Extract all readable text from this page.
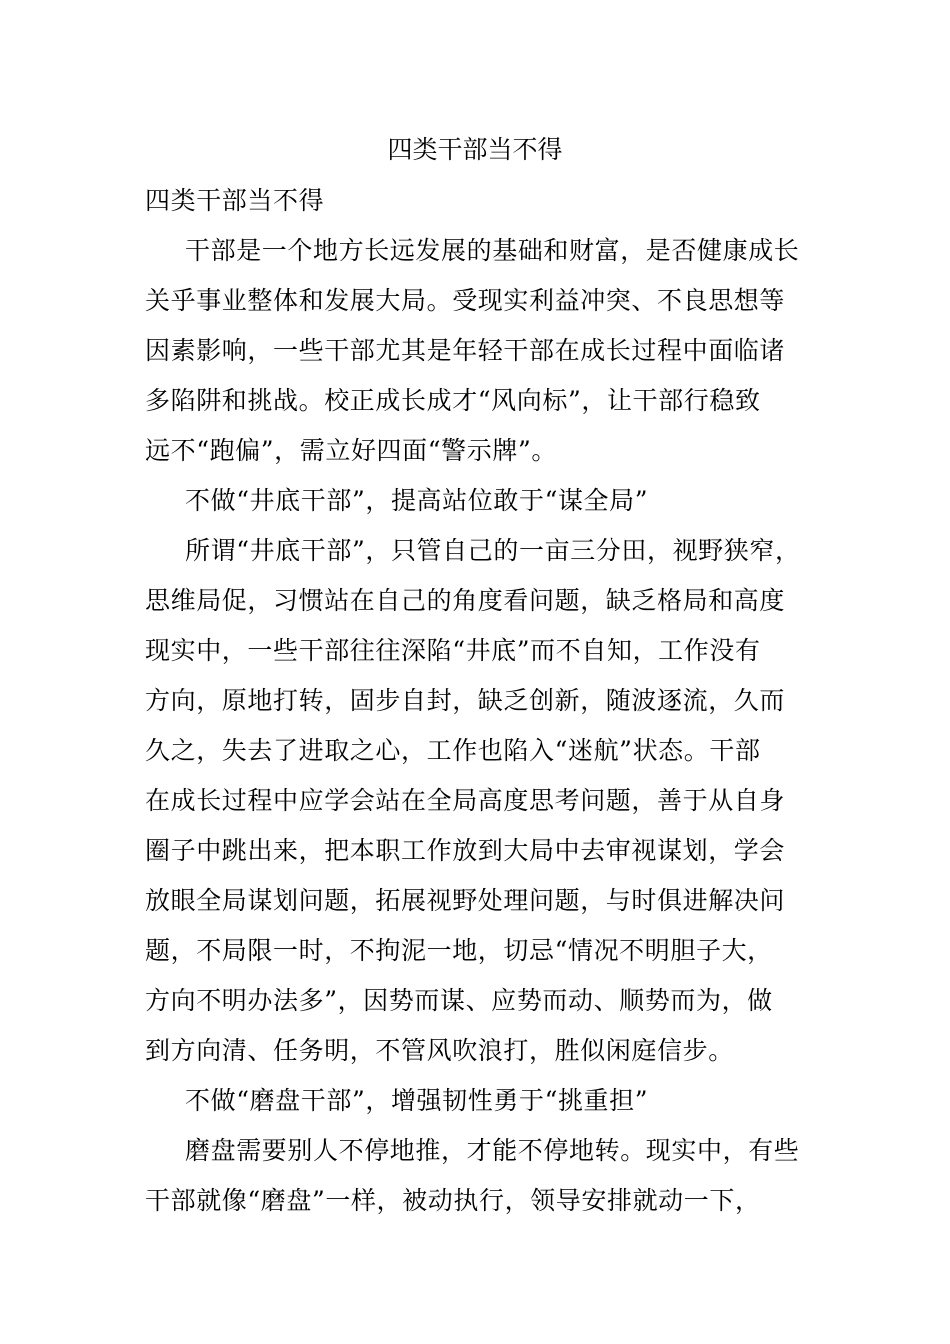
四类干部当不得
四类干部当不得
干部是一个地方长远发展的基础和财富，是否健康成长
关乎事业整体和发展大局。受现实利益冲突、不良思想等
因素影响，一些干部尤其是年轻干部在成长过程中面临诸
多陷阱和挑战。校正成长成才“风向标”，让干部行稳致
远不“跑偏”，需立好四面“警示牌”。
不做“井底干部”，提高站位敢于“谋全局”
所谓“井底干部”，只管自己的一亩三分田，视野狭窄，
思维局促，习惯站在自己的角度看问题，缺乏格局和高度
现实中，一些干部往往深陷“井底”而不自知，工作没有
方向，原地打转，固步自封，缺乏创新，随波逐流，久而
久之，失去了进取之心，工作也陷入“迷航”状态。干部
在成长过程中应学会站在全局高度思考问题，善于从自身
圈子中跳出来，把本职工作放到大局中去审视谋划，学会
放眼全局谋划问题，拓展视野处理问题，与时俱进解决问
题，不局限一时，不拘泥一地，切忌“情况不明胆子大，
方向不明办法多”，因势而谋、应势而动、顺势而为，做
到方向清、任务明，不管风吹浪打，胜似闲庭信步。
不做“磨盘干部”，增强韧性勇于“挑重担”
磨盘需要别人不停地推，才能不停地转。现实中，有些
干部就像“磨盘”一样，被动执行，领导安排就动一下，
